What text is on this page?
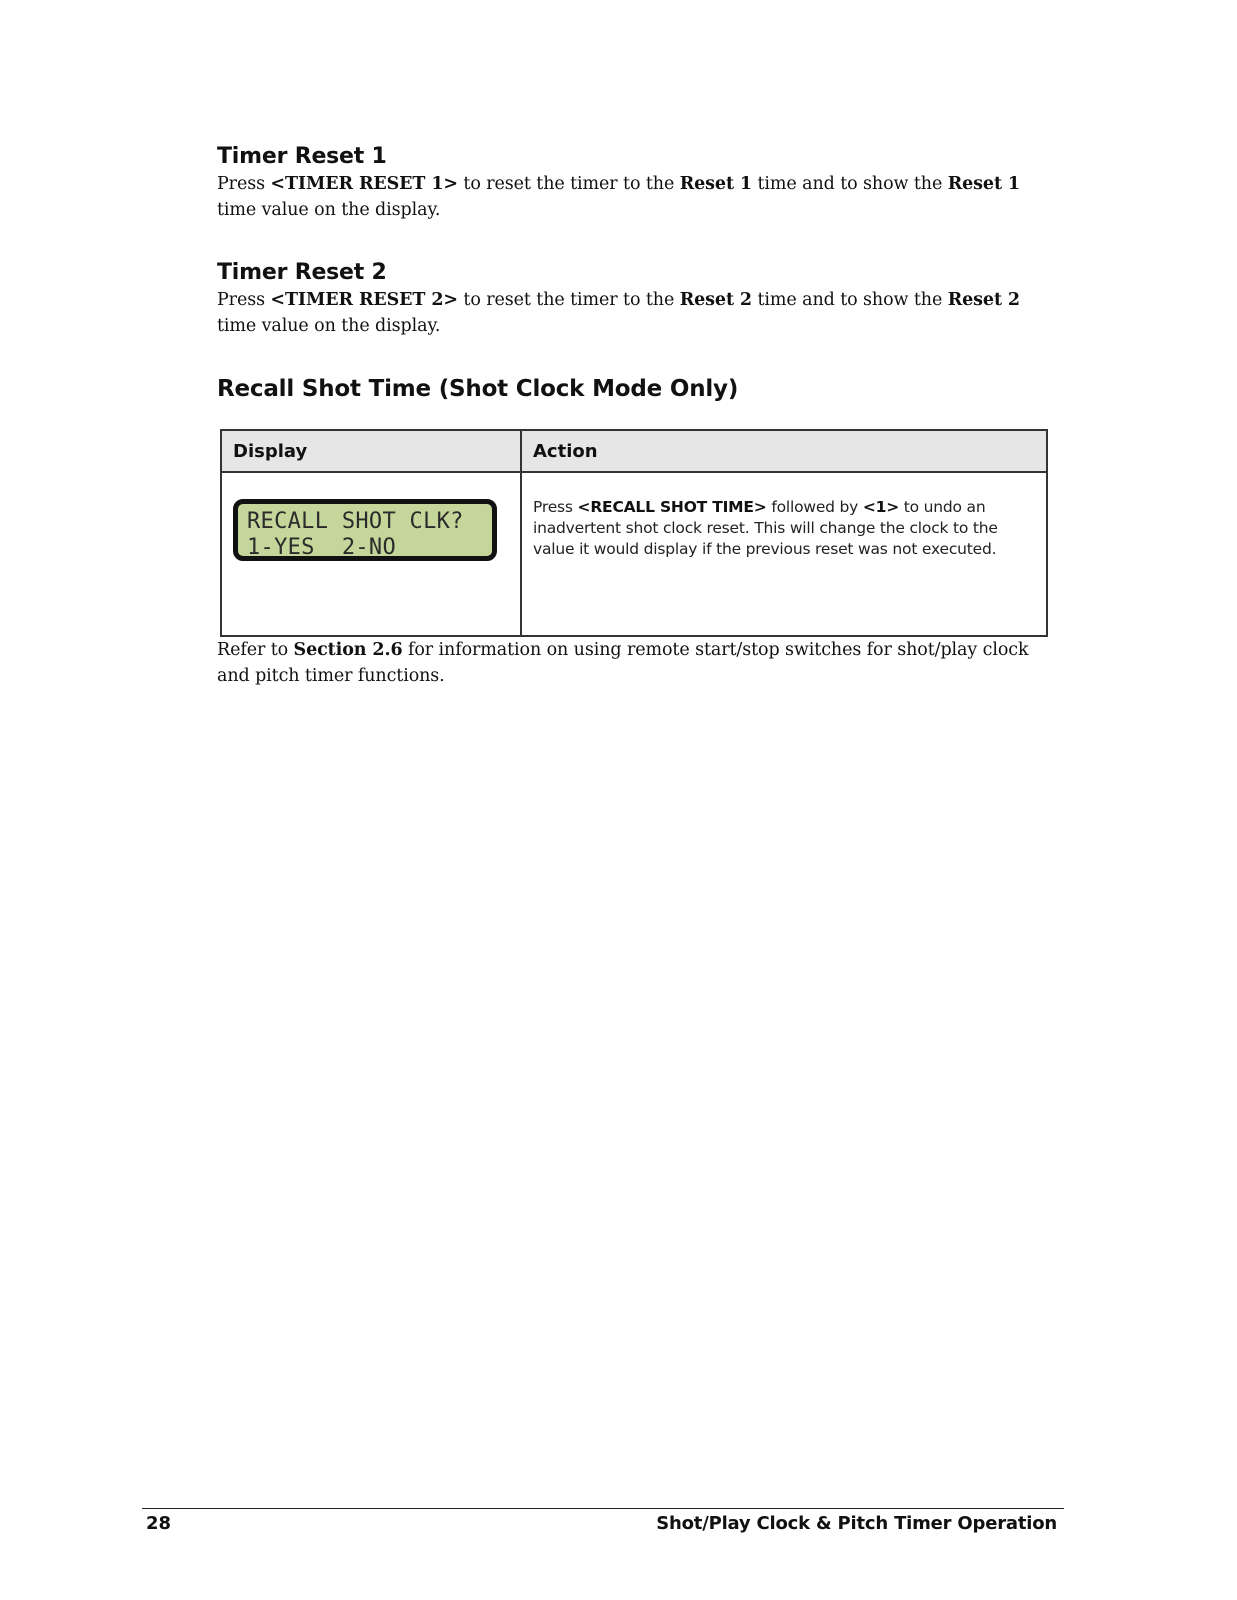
Timer Reset 1

Press <TIMER RESET 1> to reset the timer to the Reset 1 time and to show the Reset 1 time value on the display.

Timer Reset 2

Press <TIMER RESET 2> to reset the timer to the Reset 2 time and to show the Reset 2 time value on the display.

Recall Shot Time (Shot Clock Mode Only)
Display	Action

RECALL SHOT CLK?
1-YES  2-NO	Press <RECALL SHOT TIME> followed by <1> to undo an inadvertent shot clock reset. This will change the clock to the value it would display if the previous reset was not executed.

Refer to Section 2.6 for information on using remote start/stop switches for shot/play clock and pitch timer functions.

28	Shot/Play Clock & Pitch Timer Operation
